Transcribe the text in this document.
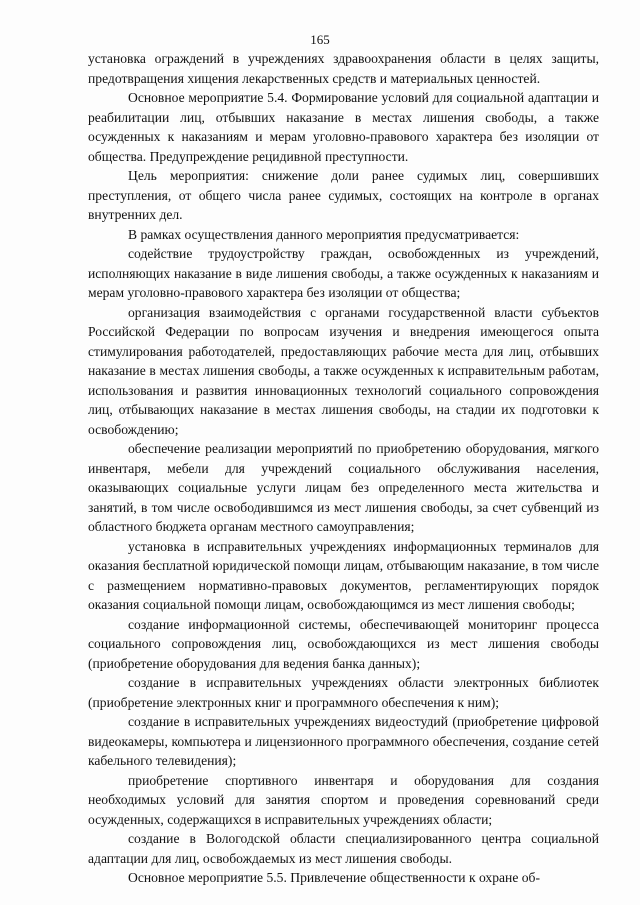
165

установка ограждений в учреждениях здравоохранения области в целях защиты, предотвращения хищения лекарственных средств и материальных ценностей.

Основное мероприятие 5.4. Формирование условий для социальной адаптации и реабилитации лиц, отбывших наказание в местах лишения свободы, а также осужденных к наказаниям и мерам уголовно-правового характера без изоляции от общества. Предупреждение рецидивной преступности.

Цель мероприятия: снижение доли ранее судимых лиц, совершивших преступления, от общего числа ранее судимых, состоящих на контроле в органах внутренних дел.

В рамках осуществления данного мероприятия предусматривается:

содействие трудоустройству граждан, освобожденных из учреждений, исполняющих наказание в виде лишения свободы, а также осужденных к наказаниям и мерам уголовно-правового характера без изоляции от общества;

организация взаимодействия с органами государственной власти субъектов Российской Федерации по вопросам изучения и внедрения имеющегося опыта стимулирования работодателей, предоставляющих рабочие места для лиц, отбывших наказание в местах лишения свободы, а также осужденных к исправительным работам, использования и развития инновационных технологий социального сопровождения лиц, отбывающих наказание в местах лишения свободы, на стадии их подготовки к освобождению;

обеспечение реализации мероприятий по приобретению оборудования, мягкого инвентаря, мебели для учреждений социального обслуживания населения, оказывающих социальные услуги лицам без определенного места жительства и занятий, в том числе освободившимся из мест лишения свободы, за счет субвенций из областного бюджета органам местного самоуправления;

установка в исправительных учреждениях информационных терминалов для оказания бесплатной юридической помощи лицам, отбывающим наказание, в том числе с размещением нормативно-правовых документов, регламентирующих порядок оказания социальной помощи лицам, освобождающимся из мест лишения свободы;

создание информационной системы, обеспечивающей мониторинг процесса социального сопровождения лиц, освобождающихся из мест лишения свободы (приобретение оборудования для ведения банка данных);

создание в исправительных учреждениях области электронных библиотек (приобретение электронных книг и программного обеспечения к ним);

создание в исправительных учреждениях видеостудий (приобретение цифровой видеокамеры, компьютера и лицензионного программного обеспечения, создание сетей кабельного телевидения);

приобретение спортивного инвентаря и оборудования для создания необходимых условий для занятия спортом и проведения соревнований среди осужденных, содержащихся в исправительных учреждениях области;

создание в Вологодской области специализированного центра социальной адаптации для лиц, освобождаемых из мест лишения свободы.

Основное мероприятие 5.5. Привлечение общественности к охране об-
